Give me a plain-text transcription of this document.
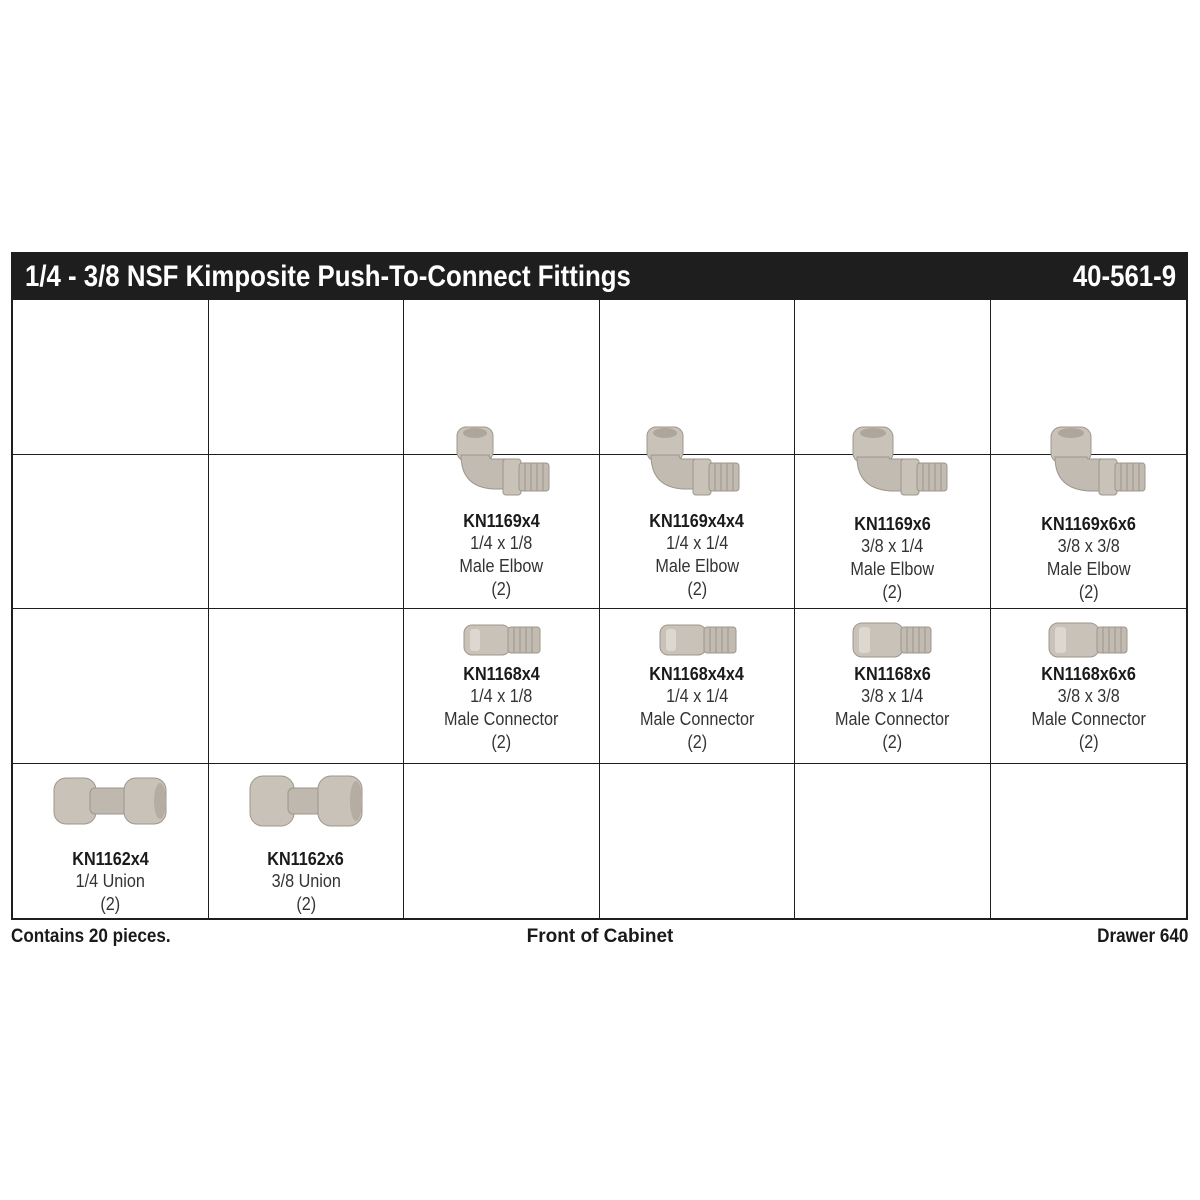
1/4 - 3/8 NSF Kimposite Push-To-Connect Fittings	40-561-9
KN1169x4
1/4 x 1/8
Male Elbow
(2)
KN1169x4x4
1/4 x 1/4
Male Elbow
(2)
KN1169x6
3/8 x 1/4
Male Elbow
(2)
KN1169x6x6
3/8 x 3/8
Male Elbow
(2)
KN1168x4
1/4 x 1/8
Male Connector
(2)
KN1168x4x4
1/4 x 1/4
Male Connector
(2)
KN1168x6
3/8 x 1/4
Male Connector
(2)
KN1168x6x6
3/8 x 3/8
Male Connector
(2)
KN1162x4
1/4 Union
(2)
KN1162x6
3/8 Union
(2)
Contains 20 pieces.	Front of Cabinet	Drawer 640
